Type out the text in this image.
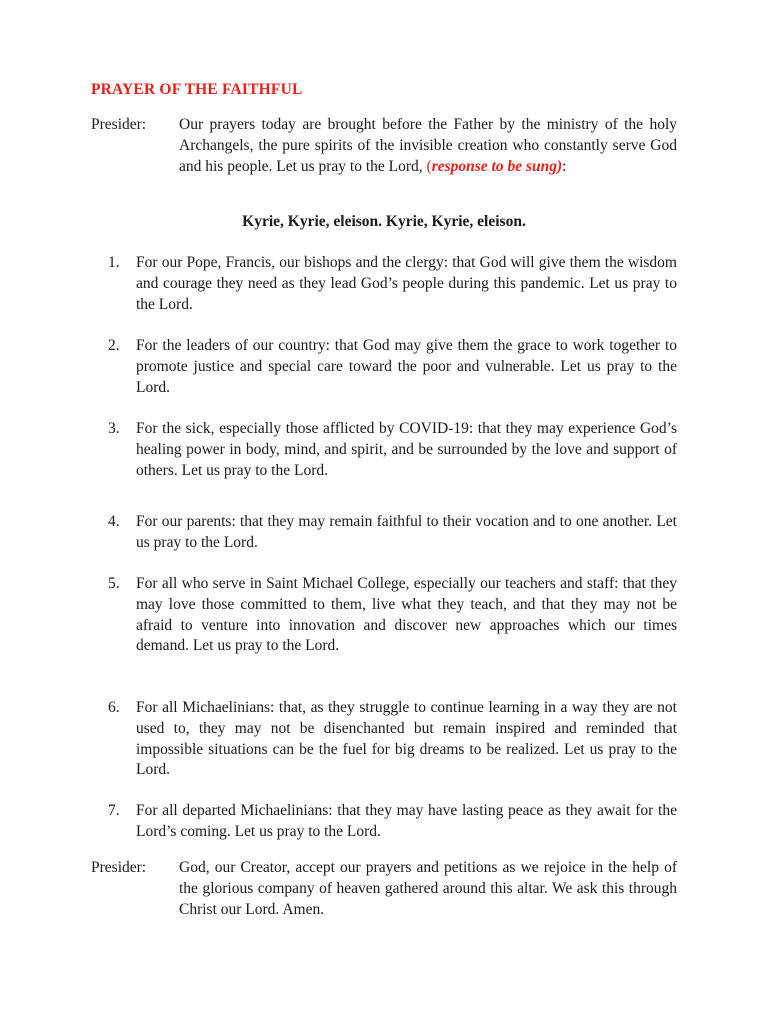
PRAYER OF THE FAITHFUL
Presider: Our prayers today are brought before the Father by the ministry of the holy Archangels, the pure spirits of the invisible creation who constantly serve God and his people. Let us pray to the Lord, (response to be sung):
Kyrie, Kyrie, eleison. Kyrie, Kyrie, eleison.
1. For our Pope, Francis, our bishops and the clergy: that God will give them the wisdom and courage they need as they lead God’s people during this pandemic. Let us pray to the Lord.
2. For the leaders of our country: that God may give them the grace to work together to promote justice and special care toward the poor and vulnerable. Let us pray to the Lord.
3. For the sick, especially those afflicted by COVID-19: that they may experience God’s healing power in body, mind, and spirit, and be surrounded by the love and support of others. Let us pray to the Lord.
4. For our parents: that they may remain faithful to their vocation and to one another. Let us pray to the Lord.
5. For all who serve in Saint Michael College, especially our teachers and staff: that they may love those committed to them, live what they teach, and that they may not be afraid to venture into innovation and discover new approaches which our times demand. Let us pray to the Lord.
6. For all Michaelinians: that, as they struggle to continue learning in a way they are not used to, they may not be disenchanted but remain inspired and reminded that impossible situations can be the fuel for big dreams to be realized. Let us pray to the Lord.
7. For all departed Michaelinians: that they may have lasting peace as they await for the Lord’s coming. Let us pray to the Lord.
Presider: God, our Creator, accept our prayers and petitions as we rejoice in the help of the glorious company of heaven gathered around this altar. We ask this through Christ our Lord. Amen.
